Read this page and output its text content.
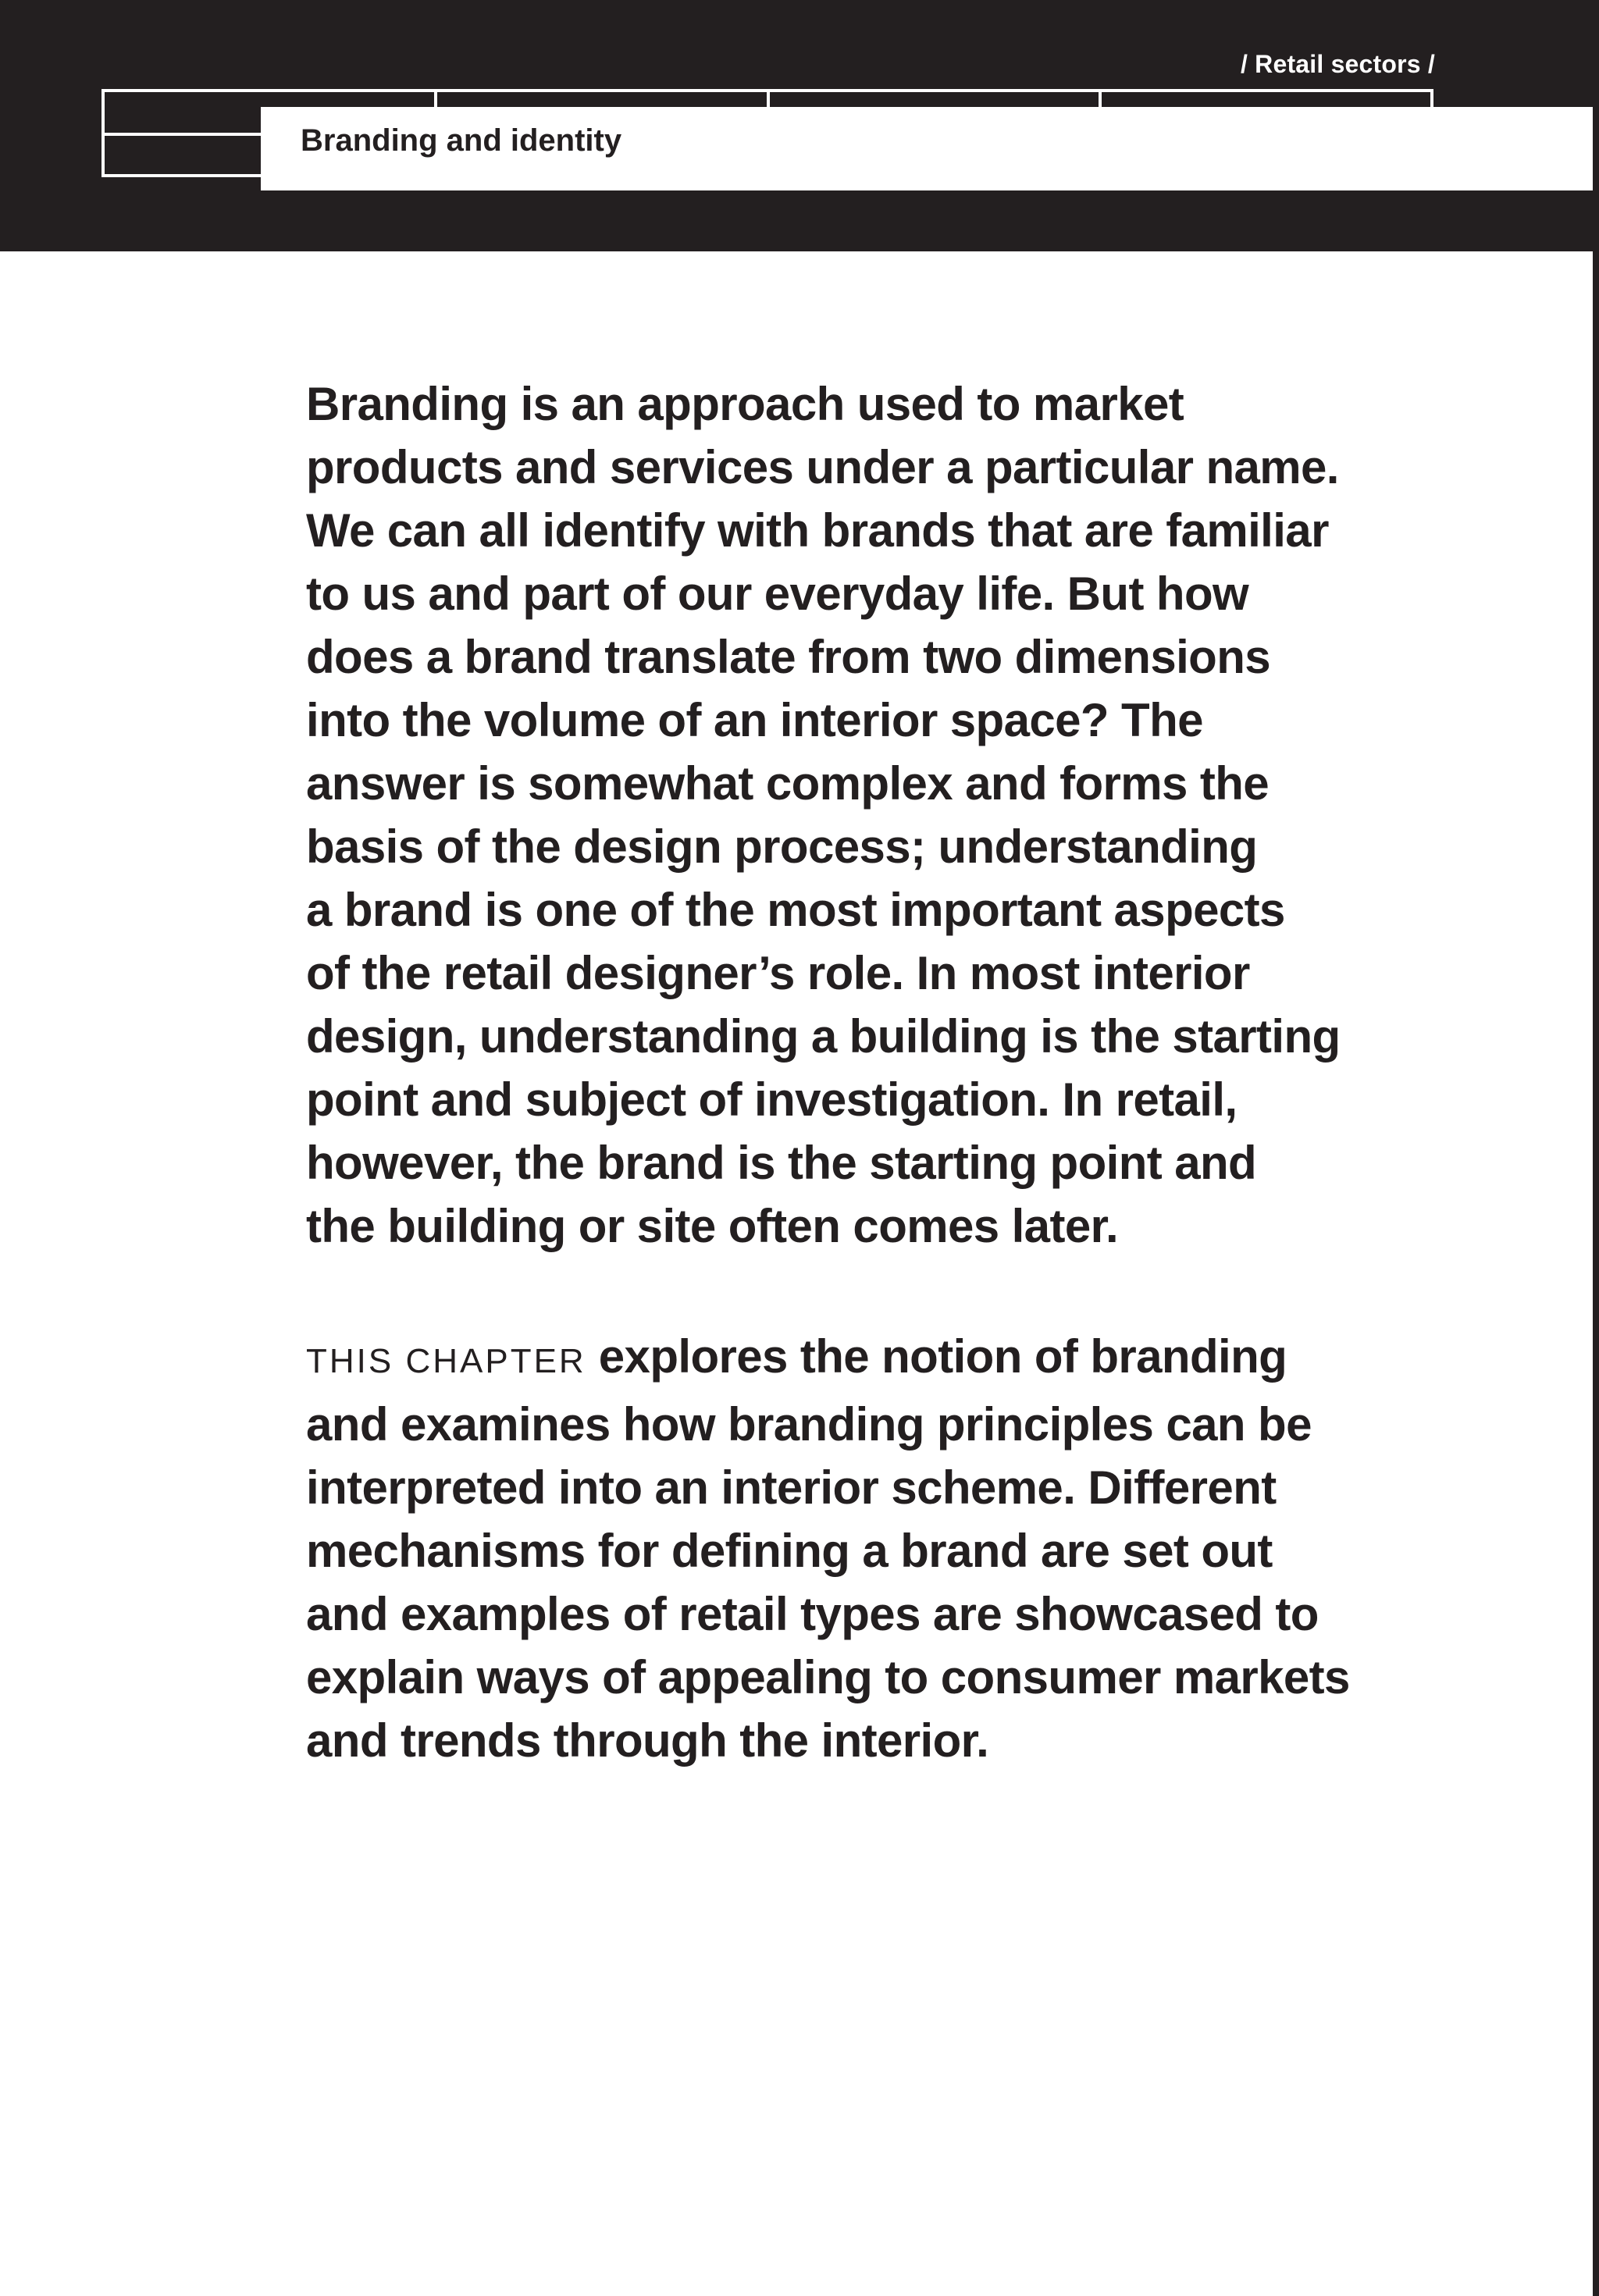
/ Retail sectors /
Branding and identity

Branding is an approach used to market
products and services under a particular name.
We can all identify with brands that are familiar
to us and part of our everyday life. But how
does a brand translate from two dimensions
into the volume of an interior space? The
answer is somewhat complex and forms the
basis of the design process; understanding
a brand is one of the most important aspects
of the retail designer’s role. In most interior
design, understanding a building is the starting
point and subject of investigation. In retail,
however, the brand is the starting point and
the building or site often comes later.

THIS CHAPTER explores the notion of branding
and examines how branding principles can be
interpreted into an interior scheme. Different
mechanisms for defining a brand are set out
and examples of retail types are showcased to
explain ways of appealing to consumer markets
and trends through the interior.
